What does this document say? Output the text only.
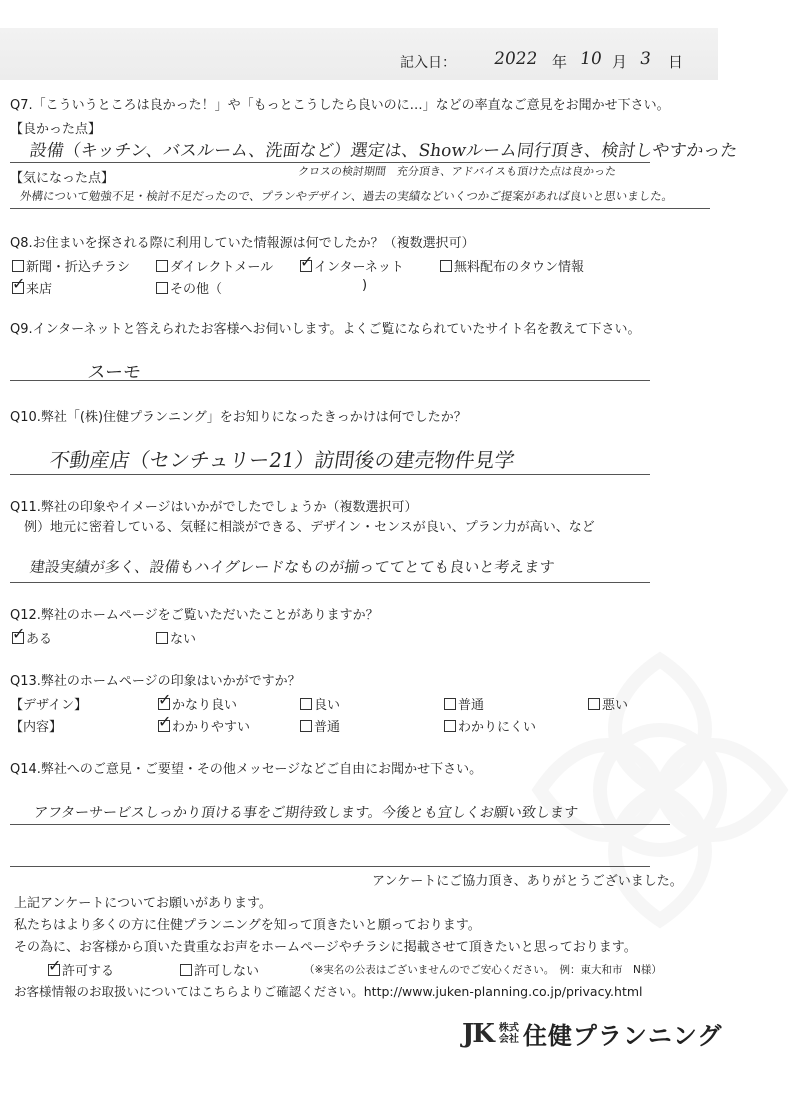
記入日： 2022 年 10 月 3 日
Q7.「こういうところは良かった！」や「もっとこうしたら良いのに…」などの率直なご意見をお聞かせ下さい。
【良かった点】
設備（キッチン、バスルーム、洗面など）選定は、Showルーム同行頂き、検討しやすかった
【気になった点】	クロスの検討期間　充分頂き、アドバイスも頂けた点は良かった
外構について勉強不足・検討不足だったので、プランやデザイン、過去の実績などいくつかご提案があれば良いと思いました。
Q8.お住まいを探される際に利用していた情報源は何でしたか？（複数選択可）
新聞・折込チラシ	ダイレクトメール ✓	インターネット	無料配布のタウン情報
✓来店	その他（	)
Q9.インターネットと答えられたお客様へお伺いします。よくご覧になられていたサイト名を教えて下さい。
スーモ
Q10.弊社「(株)住健プランニング」をお知りになったきっかけは何でしたか？
不動産店（センチュリー21）訪問後の建売物件見学
Q11.弊社の印象やイメージはいかがでしたでしょうか（複数選択可）
例）地元に密着している、気軽に相談ができる、デザイン・センスが良い、プラン力が高い、など
建設実績が多く、設備もハイグレードなものが揃っててとても良いと考えます
Q12.弊社のホームページをご覧いただいたことがありますか？
✓ある	ない
Q13.弊社のホームページの印象はいかがですか？
【デザイン】 ✓	かなり良い	良い	普通	悪い
【内容】 ✓	わかりやすい	普通	わかりにくい
Q14.弊社へのご意見・ご要望・その他メッセージなどご自由にお聞かせ下さい。
アフターサービスしっかり頂ける事をご期待致します。今後とも宜しくお願い致します
アンケートにご協力頂き、ありがとうございました。
上記アンケートについてお願いがあります。
私たちはより多くの方に住健プランニングを知って頂きたいと願っております。
その為に、お客様から頂いた貴重なお声をホームページやチラシに掲載させて頂きたいと思っております。
✓許可する	許可しない	（※実名の公表はございませんのでご安心ください。　例：東大和市　N様）
お客様情報のお取扱いについてはこちらよりご確認ください。http://www.juken-planning.co.jp/privacy.html
JK 株式
会社 住健プランニング
